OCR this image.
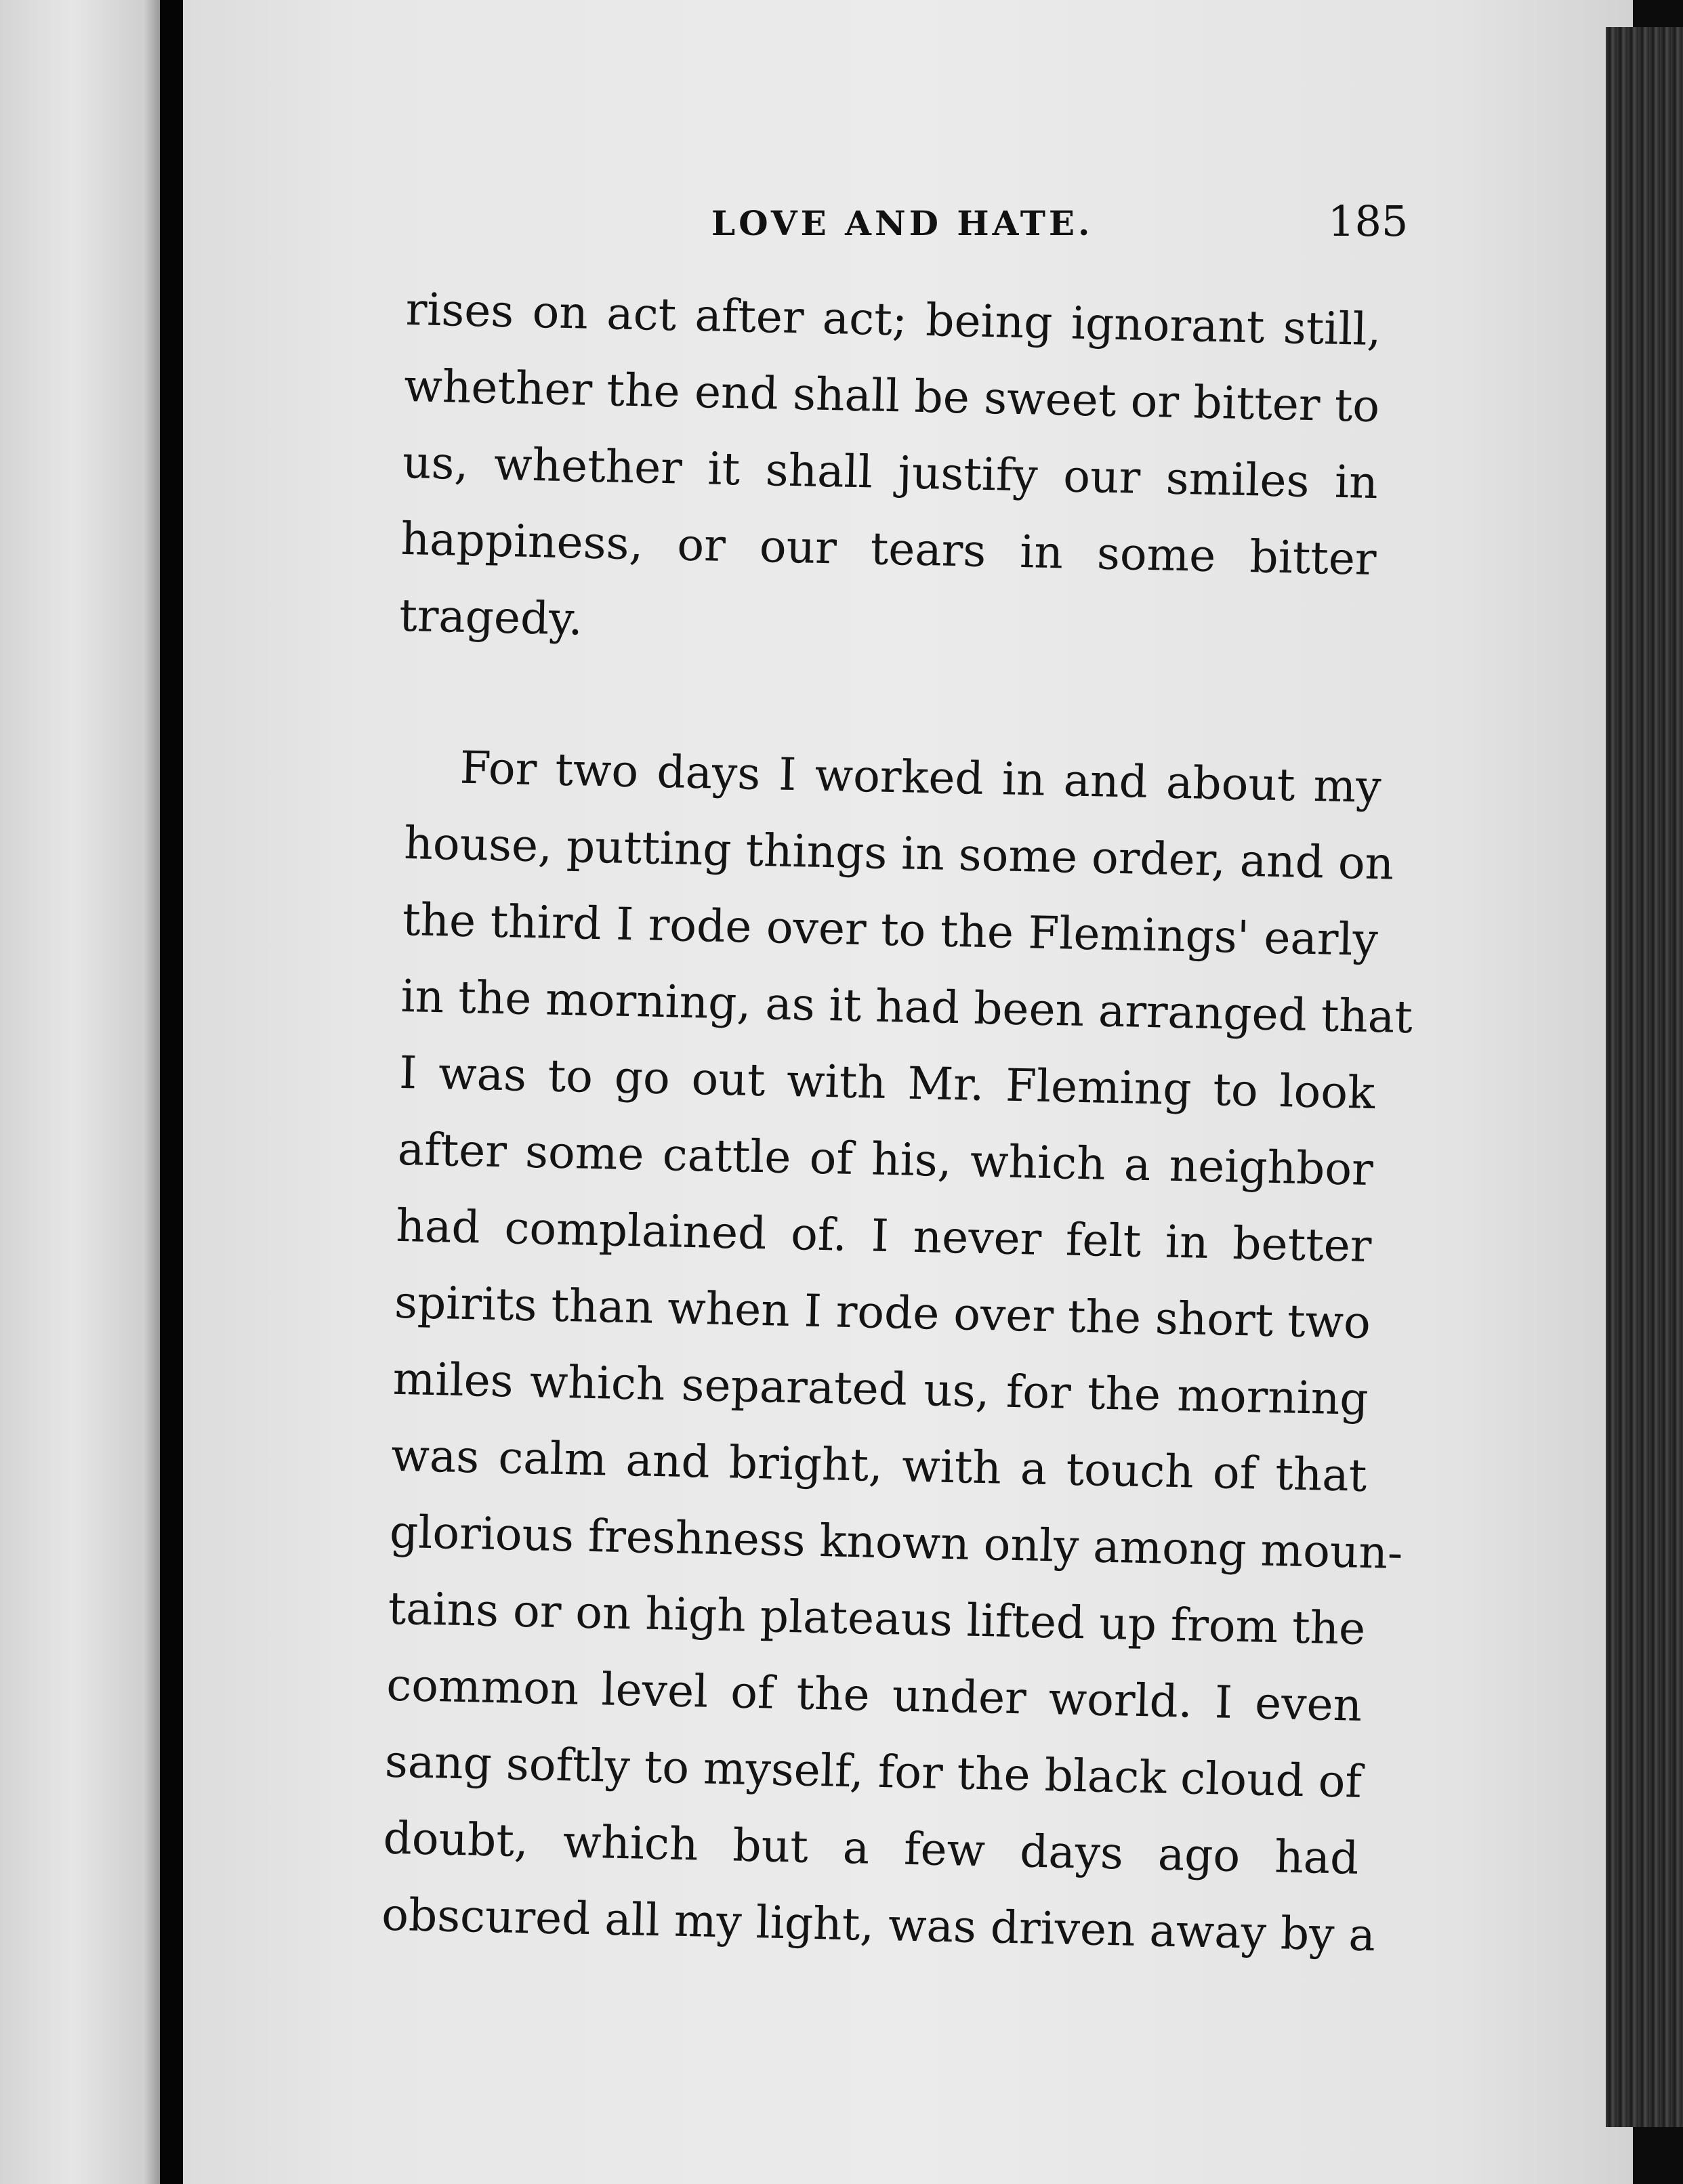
LOVE AND HATE.	185
rises on act after act; being ignorant still,
whether the end shall be sweet or bitter to
us, whether it shall justify our smiles in
happiness, or our tears in some bitter
tragedy.
For two days I worked in and about my
house, putting things in some order, and on
the third I rode over to the Flemings' early
in the morning, as it had been arranged that
I was to go out with Mr. Fleming to look
after some cattle of his, which a neighbor
had complained of. I never felt in better
spirits than when I rode over the short two
miles which separated us, for the morning
was calm and bright, with a touch of that
glorious freshness known only among moun-
tains or on high plateaus lifted up from the
common level of the under world. I even
sang softly to myself, for the black cloud of
doubt, which but a few days ago had
obscured all my light, was driven away by a
